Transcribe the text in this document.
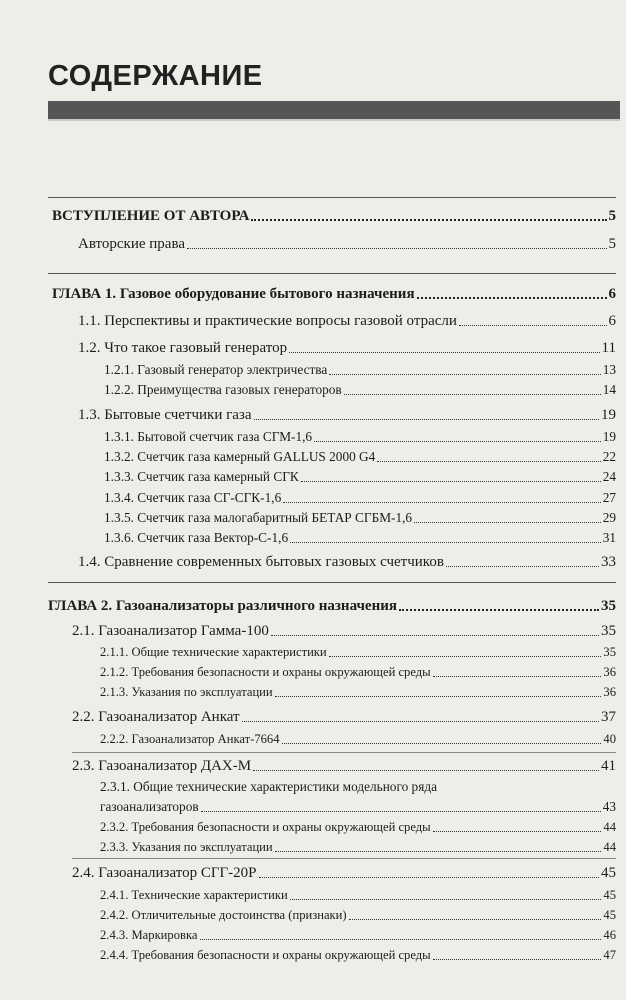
СОДЕРЖАНИЕ
ВСТУПЛЕНИЕ ОТ АВТОРА	5
Авторские права	5
ГЛАВА 1. Газовое оборудование бытового назначения	6
1.1. Перспективы и практические вопросы газовой отрасли	6
1.2. Что такое газовый генератор	11
1.2.1. Газовый генератор электричества	13
1.2.2. Преимущества газовых генераторов	14
1.3. Бытовые счетчики газа	19
1.3.1. Бытовой счетчик газа СГМ-1,6	19
1.3.2. Счетчик газа камерный GALLUS 2000 G4	22
1.3.3. Счетчик газа камерный СГК	24
1.3.4. Счетчик газа СГ-СГК-1,6	27
1.3.5. Счетчик газа малогабаритный БЕТАР СГБМ-1,6	29
1.3.6. Счетчик газа Вектор-С-1,6	31
1.4. Сравнение современных бытовых газовых счетчиков	33
ГЛАВА 2. Газоанализаторы различного назначения	35
2.1. Газоанализатор Гамма-100	35
2.1.1. Общие технические характеристики	35
2.1.2. Требования безопасности и охраны окружающей среды	36
2.1.3. Указания по эксплуатации	36
2.2. Газоанализатор Анкат	37
2.2.2. Газоанализатор Анкат-7664	40
2.3. Газоанализатор ДАХ-М	41
2.3.1. Общие технические характеристики модельного ряда
газоанализаторов	43
2.3.2. Требования безопасности и охраны окружающей среды	44
2.3.3. Указания по эксплуатации	44
2.4. Газоанализатор СГГ-20Р	45
2.4.1. Технические характеристики	45
2.4.2. Отличительные достоинства (признаки)	45
2.4.3. Маркировка	46
2.4.4. Требования безопасности и охраны окружающей среды	47
